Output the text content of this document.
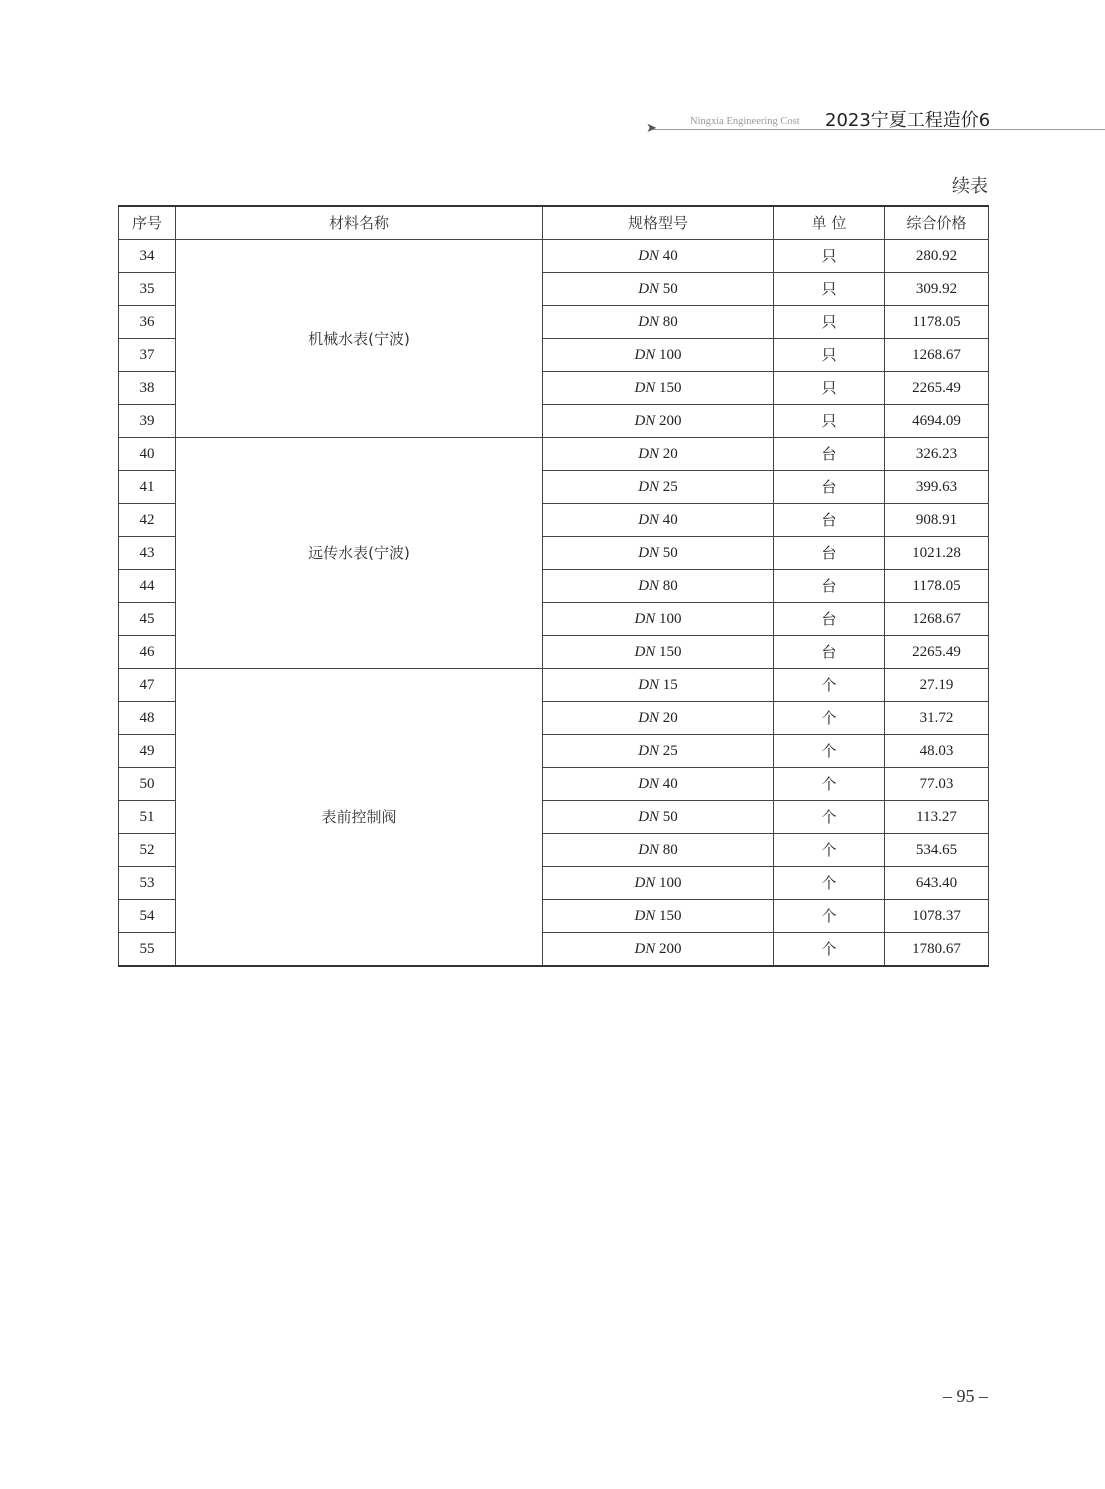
➤	Ningxia Engineering Cost 2023宁夏工程造价6
续表
序号	材料名称	规格型号	单 位	综合价格
34	机械水表(宁波)	DN 40	只	280.92
35		DN 50	只	309.92
36		DN 80	只	1178.05
37		DN 100	只	1268.67
38		DN 150	只	2265.49
39		DN 200	只	4694.09
40	远传水表(宁波)	DN 20	台	326.23
41		DN 25	台	399.63
42		DN 40	台	908.91
43		DN 50	台	1021.28
44		DN 80	台	1178.05
45		DN 100	台	1268.67
46		DN 150	台	2265.49
47	表前控制阀	DN 15	个	27.19
48		DN 20	个	31.72
49		DN 25	个	48.03
50		DN 40	个	77.03
51		DN 50	个	113.27
52		DN 80	个	534.65
53		DN 100	个	643.40
54		DN 150	个	1078.37
55		DN 200	个	1780.67
– 95 –
